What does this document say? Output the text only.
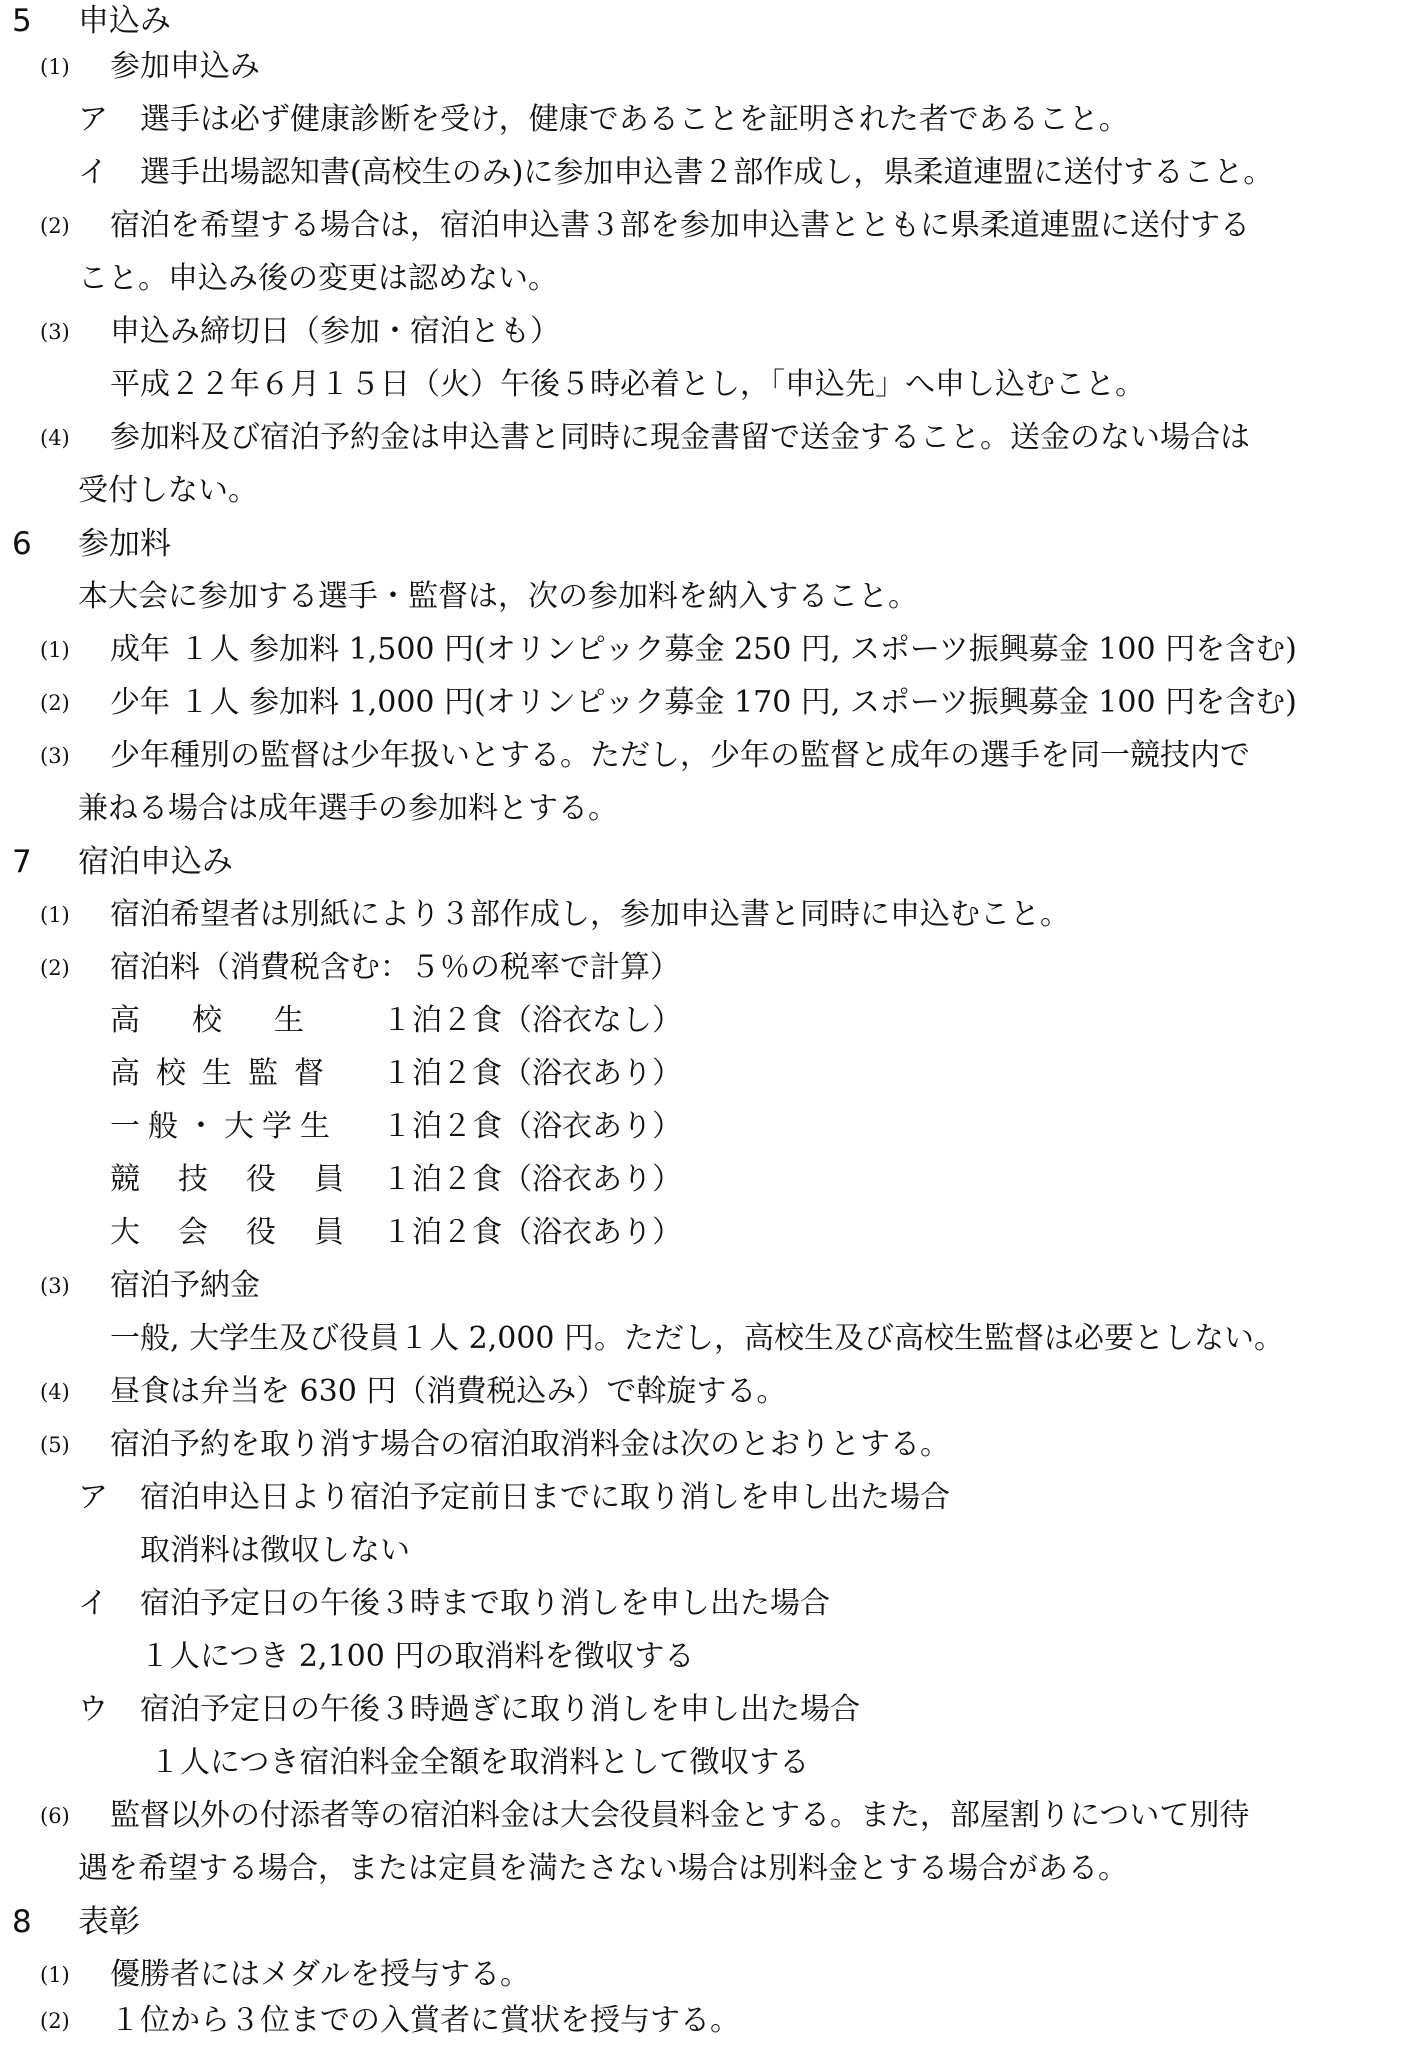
5 申込み
(1) 参加申込み
ア 選手は必ず健康診断を受け，健康であることを証明された者であること。
イ 選手出場認知書(高校生のみ)に参加申込書２部作成し，県柔道連盟に送付すること。
(2) 宿泊を希望する場合は，宿泊申込書３部を参加申込書とともに県柔道連盟に送付する
こと。申込み後の変更は認めない。
(3) 申込み締切日（参加・宿泊とも）
平成２２年６月１５日（火）午後５時必着とし，「申込先」へ申し込むこと。
(4) 参加料及び宿泊予約金は申込書と同時に現金書留で送金すること。送金のない場合は
受付しない。
6 参加料
本大会に参加する選手・監督は，次の参加料を納入すること。
(1) 成年 １人 参加料 1,500 円(オリンピック募金 250 円, スポーツ振興募金 100 円を含む)
(2) 少年 １人 参加料 1,000 円(オリンピック募金 170 円, スポーツ振興募金 100 円を含む)
(3) 少年種別の監督は少年扱いとする。ただし，少年の監督と成年の選手を同一競技内で
兼ねる場合は成年選手の参加料とする。
7 宿泊申込み
(1) 宿泊希望者は別紙により３部作成し，参加申込書と同時に申込むこと。
(2) 宿泊料（消費税含む：５％の税率で計算）
高校生 １泊２食（浴衣なし）
高校生監督 １泊２食（浴衣あり）
一般・大学生 １泊２食（浴衣あり）
競技役員 １泊２食（浴衣あり）
大会役員 １泊２食（浴衣あり）
(3) 宿泊予納金
一般, 大学生及び役員１人 2,000 円。ただし，高校生及び高校生監督は必要としない。
(4) 昼食は弁当を 630 円（消費税込み）で斡旋する。
(5) 宿泊予約を取り消す場合の宿泊取消料金は次のとおりとする。
ア 宿泊申込日より宿泊予定前日までに取り消しを申し出た場合
取消料は徴収しない
イ 宿泊予定日の午後３時まで取り消しを申し出た場合
１人につき 2,100 円の取消料を徴収する
ウ 宿泊予定日の午後３時過ぎに取り消しを申し出た場合
１人につき宿泊料金全額を取消料として徴収する
(6) 監督以外の付添者等の宿泊料金は大会役員料金とする。また，部屋割りについて別待
遇を希望する場合，または定員を満たさない場合は別料金とする場合がある。
8 表彰
(1) 優勝者にはメダルを授与する。
(2) １位から３位までの入賞者に賞状を授与する。
